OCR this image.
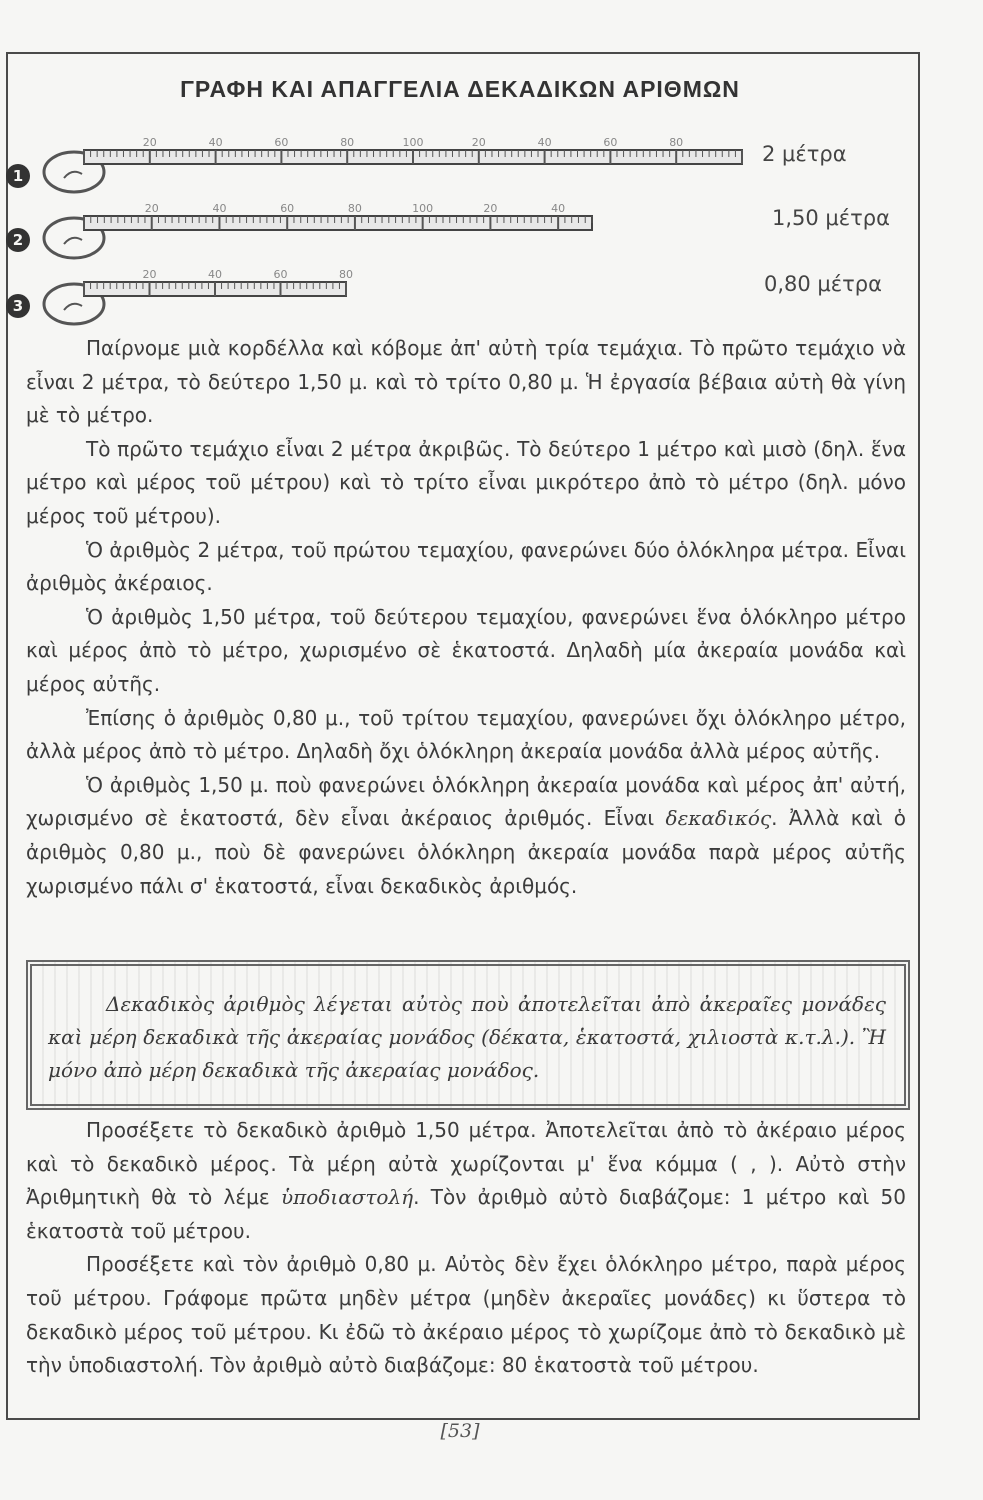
ΓΡΑΦΗ ΚΑΙ ΑΠΑΓΓΕΛΙΑ ΔΕΚΑΔΙΚΩΝ ΑΡΙΘΜΩΝ
1
20	40	60	80	100	20	40	60	80	2 μέτρα
2
20	40	60	80	100	20	40	1,50 μέτρα
3
20	40	60	80	0,80 μέτρα

Παίρνομε μιὰ κορδέλλα καὶ κόβομε ἀπ' αὐτὴ τρία τεμάχια. Τὸ πρῶτο τεμάχιο νὰ εἶναι 2 μέτρα, τὸ δεύτερο 1,50 μ. καὶ τὸ τρίτο 0,80 μ. Ἡ ἐργασία βέβαια αὐτὴ θὰ γίνη μὲ τὸ μέτρο.

Τὸ πρῶτο τεμάχιο εἶναι 2 μέτρα ἀκριβῶς. Τὸ δεύτερο 1 μέτρο καὶ μισὸ (δηλ. ἕνα μέτρο καὶ μέρος τοῦ μέτρου) καὶ τὸ τρίτο εἶναι μικρότερο ἀπὸ τὸ μέτρο (δηλ. μόνο μέρος τοῦ μέτρου).

Ὁ ἀριθμὸς 2 μέτρα, τοῦ πρώτου τεμαχίου, φανερώνει δύο ὁλόκληρα μέτρα. Εἶναι ἀριθμὸς ἀκέραιος.

Ὁ ἀριθμὸς 1,50 μέτρα, τοῦ δεύτερου τεμαχίου, φανερώνει ἕνα ὁλόκληρο μέτρο καὶ μέρος ἀπὸ τὸ μέτρο, χωρισμένο σὲ ἑκατοστά. Δηλαδὴ μία ἀκεραία μονάδα καὶ μέρος αὐτῆς.

Ἐπίσης ὁ ἀριθμὸς 0,80 μ., τοῦ τρίτου τεμαχίου, φανερώνει ὄχι ὁλόκληρο μέτρο, ἀλλὰ μέρος ἀπὸ τὸ μέτρο. Δηλαδὴ ὄχι ὁλόκληρη ἀκεραία μονάδα ἀλλὰ μέρος αὐτῆς.

Ὁ ἀριθμὸς 1,50 μ. ποὺ φανερώνει ὁλόκληρη ἀκεραία μονάδα καὶ μέρος ἀπ' αὐτή, χωρισμένο σὲ ἑκατοστά, δὲν εἶναι ἀκέραιος ἀριθμός. Εἶναι δεκαδικός. Ἀλλὰ καὶ ὁ ἀριθμὸς 0,80 μ., ποὺ δὲ φανερώνει ὁλόκληρη ἀκεραία μονάδα παρὰ μέρος αὐτῆς χωρισμένο πάλι σ' ἑκατοστά, εἶναι δεκαδικὸς ἀριθμός.

Δεκαδικὸς ἀριθμὸς λέγεται αὐτὸς ποὺ ἀποτελεῖται ἀπὸ ἀκεραῖες μονάδες καὶ μέρη δεκαδικὰ τῆς ἀκεραίας μονάδος (δέκατα, ἑκατοστά, χιλιοστὰ κ.τ.λ.). Ἢ μόνο ἀπὸ μέρη δεκαδικὰ τῆς ἀκεραίας μονάδος.

Προσέξετε τὸ δεκαδικὸ ἀριθμὸ 1,50 μέτρα. Ἀποτελεῖται ἀπὸ τὸ ἀκέραιο μέρος καὶ τὸ δεκαδικὸ μέρος. Τὰ μέρη αὐτὰ χωρίζονται μ' ἕνα κόμμα ( , ). Αὐτὸ στὴν Ἀριθμητικὴ θὰ τὸ λέμε ὑποδιαστολή. Τὸν ἀριθμὸ αὐτὸ διαβάζομε: 1 μέτρο καὶ 50 ἑκατοστὰ τοῦ μέτρου.

Προσέξετε καὶ τὸν ἀριθμὸ 0,80 μ. Αὐτὸς δὲν ἔχει ὁλόκληρο μέτρο, παρὰ μέρος τοῦ μέτρου. Γράφομε πρῶτα μηδὲν μέτρα (μηδὲν ἀκεραῖες μονάδες) κι ὕστερα τὸ δεκαδικὸ μέρος τοῦ μέτρου. Κι ἐδῶ τὸ ἀκέραιο μέρος τὸ χωρίζομε ἀπὸ τὸ δεκαδικὸ μὲ τὴν ὑποδιαστολή. Τὸν ἀριθμὸ αὐτὸ διαβάζομε: 80 ἑκατοστὰ τοῦ μέτρου.

[53]
